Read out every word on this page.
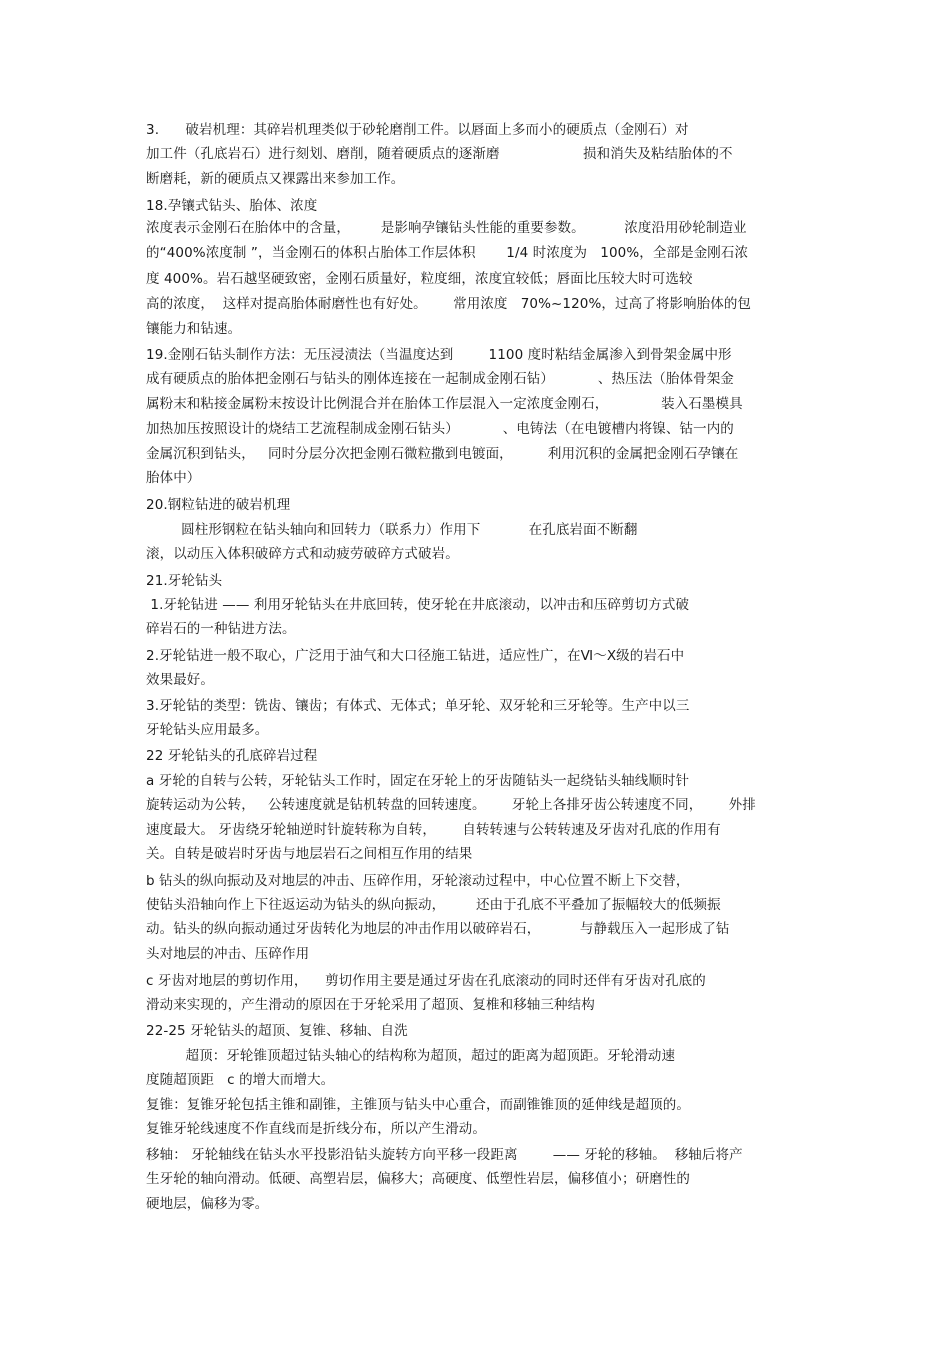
3.      破岩机理：其碎岩机理类似于砂轮磨削工件。以唇面上多而小的硬质点（金刚石）对
加工件（孔底岩石）进行刻划、磨削，随着硬质点的逐渐磨                   损和消失及粘结胎体的不
断磨耗，新的硬质点又裸露出来参加工作。
18.孕镶式钻头、胎体、浓度
浓度表示金刚石在胎体中的含量，       是影响孕镶钻头性能的重要参数。         浓度沿用砂轮制造业
的“400%浓度制 ”，当金刚石的体积占胎体工作层体积       1/4 时浓度为   100%，全部是金刚石浓
度 400%。岩石越坚硬致密，金刚石质量好，粒度细，浓度宜较低；唇面比压较大时可选较
高的浓度，  这样对提高胎体耐磨性也有好处。      常用浓度   70%~120%，过高了将影响胎体的包
镶能力和钻速。
19.金刚石钻头制作方法：无压浸渍法（当温度达到        1100 度时粘结金属渗入到骨架金属中形
成有硬质点的胎体把金刚石与钻头的刚体连接在一起制成金刚石钻）          、热压法（胎体骨架金
属粉末和粘接金属粉末按设计比例混合并在胎体工作层混入一定浓度金刚石，            装入石墨模具
加热加压按照设计的烧结工艺流程制成金刚石钻头）          、电铸法（在电镀槽内将镍、钴一内的
金属沉积到钻头，   同时分层分次把金刚石微粒撒到电镀面，        利用沉积的金属把金刚石孕镶在
胎体中）
20.钢粒钻进的破岩机理
圆柱形钢粒在钻头轴向和回转力（联系力）作用下           在孔底岩面不断翻
滚，以动压入体积破碎方式和动疲劳破碎方式破岩。
21.牙轮钻头
1.牙轮钻进 —— 利用牙轮钻头在井底回转，使牙轮在井底滚动，以冲击和压碎剪切方式破
碎岩石的一种钻进方法。
2.牙轮钻进一般不取心，广泛用于油气和大口径施工钻进，适应性广，在Ⅵ～Ⅹ级的岩石中
效果最好。
3.牙轮钻的类型：铣齿、镶齿；有体式、无体式；单牙轮、双牙轮和三牙轮等。生产中以三
牙轮钻头应用最多。
22 牙轮钻头的孔底碎岩过程
a 牙轮的自转与公转，牙轮钻头工作时，固定在牙轮上的牙齿随钻头一起绕钻头轴线顺时针
旋转运动为公转，   公转速度就是钻机转盘的回转速度。      牙轮上各排牙齿公转速度不同，      外排
速度最大。 牙齿绕牙轮轴逆时针旋转称为自转，      自转转速与公转转速及牙齿对孔底的作用有
关。自转是破岩时牙齿与地层岩石之间相互作用的结果
b 钻头的纵向振动及对地层的冲击、压碎作用，牙轮滚动过程中，中心位置不断上下交替，
使钻头沿轴向作上下往返运动为钻头的纵向振动，       还由于孔底不平叠加了振幅较大的低频振
动。钻头的纵向振动通过牙齿转化为地层的冲击作用以破碎岩石，         与静载压入一起形成了钻
头对地层的冲击、压碎作用
c 牙齿对地层的剪切作用，    剪切作用主要是通过牙齿在孔底滚动的同时还伴有牙齿对孔底的
滑动来实现的，产生滑动的原因在于牙轮采用了超顶、复椎和移轴三种结构
22-25 牙轮钻头的超顶、复锥、移轴、自洗
超顶：牙轮锥顶超过钻头轴心的结构称为超顶，超过的距离为超顶距。牙轮滑动速
度随超顶距   c 的增大而增大。
复锥：复锥牙轮包括主锥和副锥，主锥顶与钻头中心重合，而副锥锥顶的延伸线是超顶的。
复锥牙轮线速度不作直线而是折线分布，所以产生滑动。
移轴： 牙轮轴线在钻头水平投影沿钻头旋转方向平移一段距离        —— 牙轮的移轴。  移轴后将产
生牙轮的轴向滑动。低硬、高塑岩层，偏移大；高硬度、低塑性岩层，偏移值小；研磨性的
硬地层，偏移为零。
